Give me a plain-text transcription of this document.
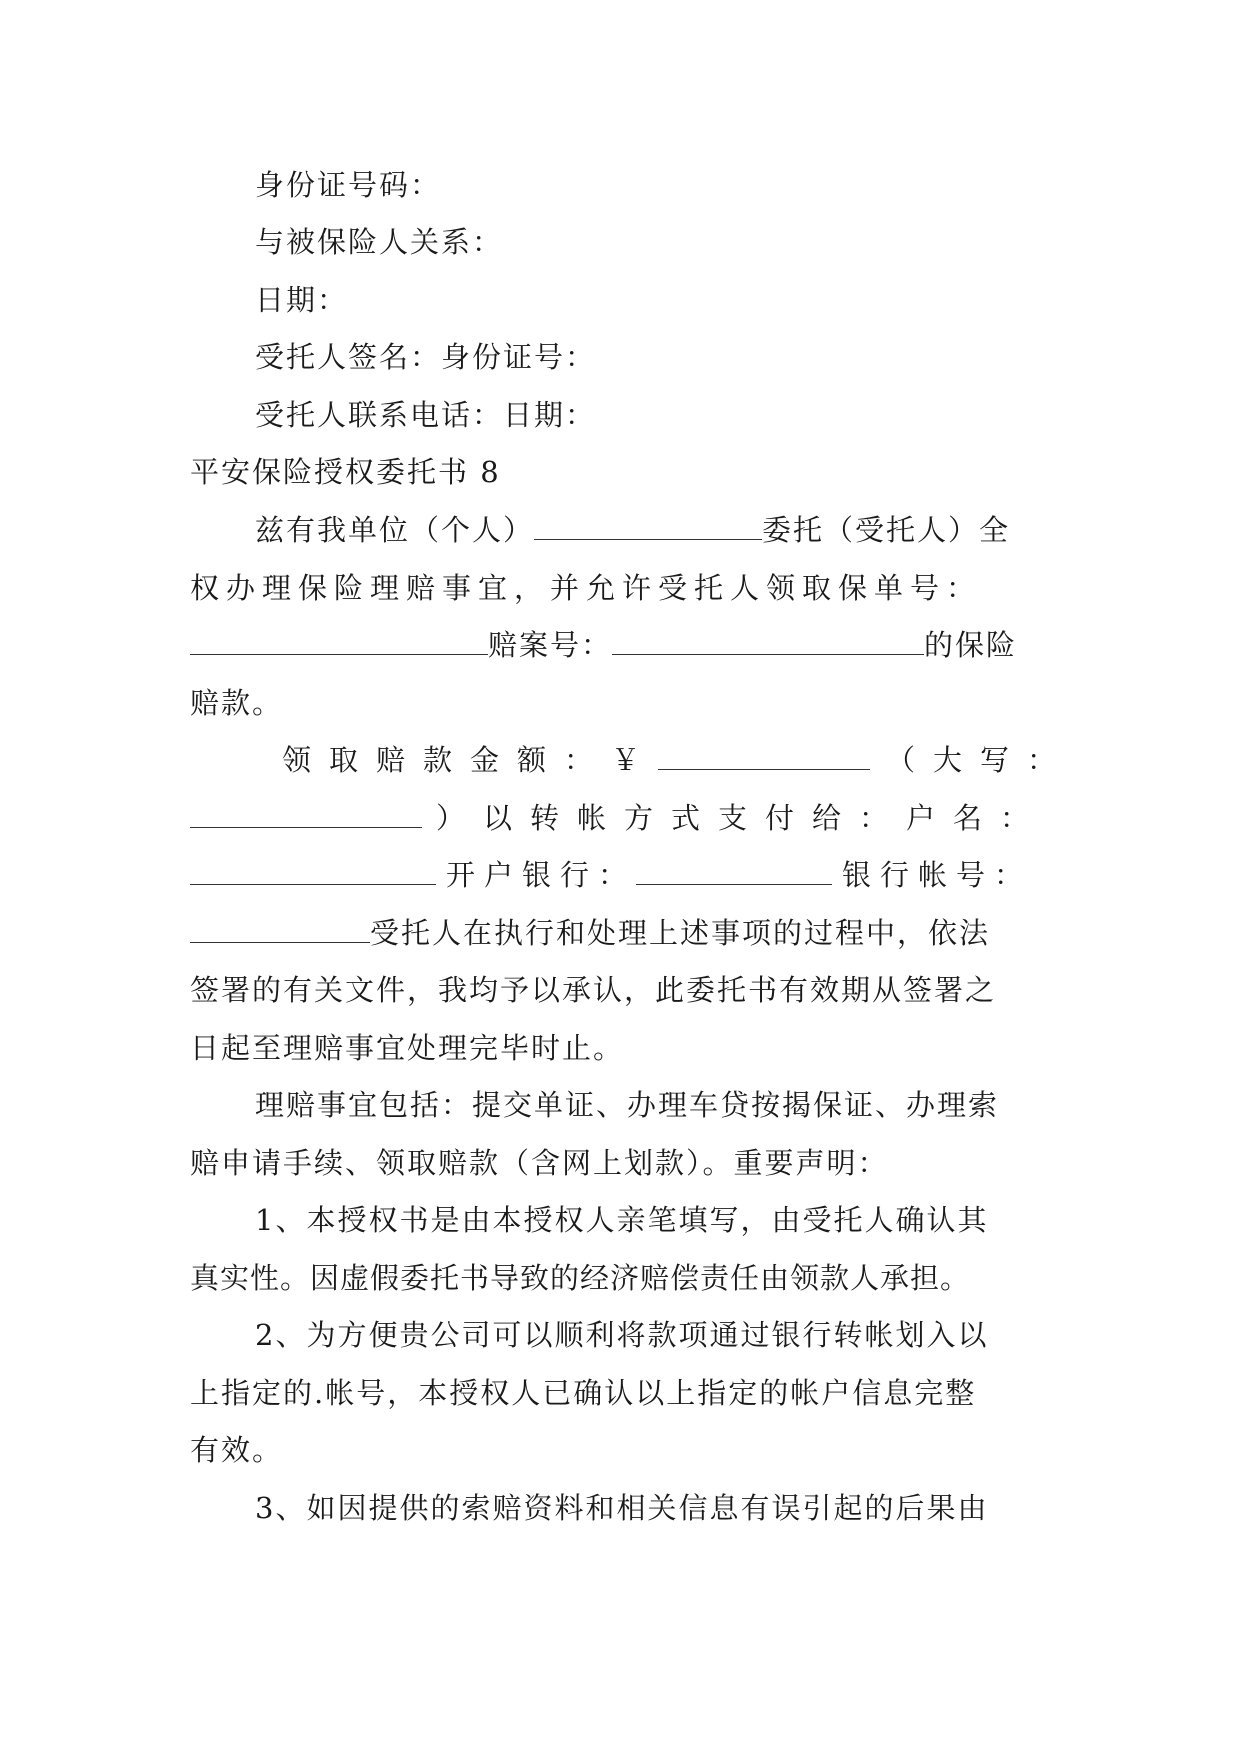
身份证号码：
与被保险人关系：
日期：
受托人签名：身份证号：
受托人联系电话：日期：
平安保险授权委托书 8
兹有我单位（个人）	委托（受托人）全
权办理保险理赔事宜，并允许受托人领取保单号：
赔案号：	的保险
赔款。
领取赔款金额：￥	（大写：
）以转帐方式支付给：户名：
开户银行：	银行帐号：
受托人在执行和处理上述事项的过程中，依法
签署的有关文件，我均予以承认，此委托书有效期从签署之
日起至理赔事宜处理完毕时止。
理赔事宜包括：提交单证、办理车贷按揭保证、办理索
赔申请手续、领取赔款（含网上划款）。重要声明：
1、本授权书是由本授权人亲笔填写，由受托人确认其
真实性。因虚假委托书导致的经济赔偿责任由领款人承担。
2、为方便贵公司可以顺利将款项通过银行转帐划入以
上指定的.帐号，本授权人已确认以上指定的帐户信息完整
有效。
3、如因提供的索赔资料和相关信息有误引起的后果由
